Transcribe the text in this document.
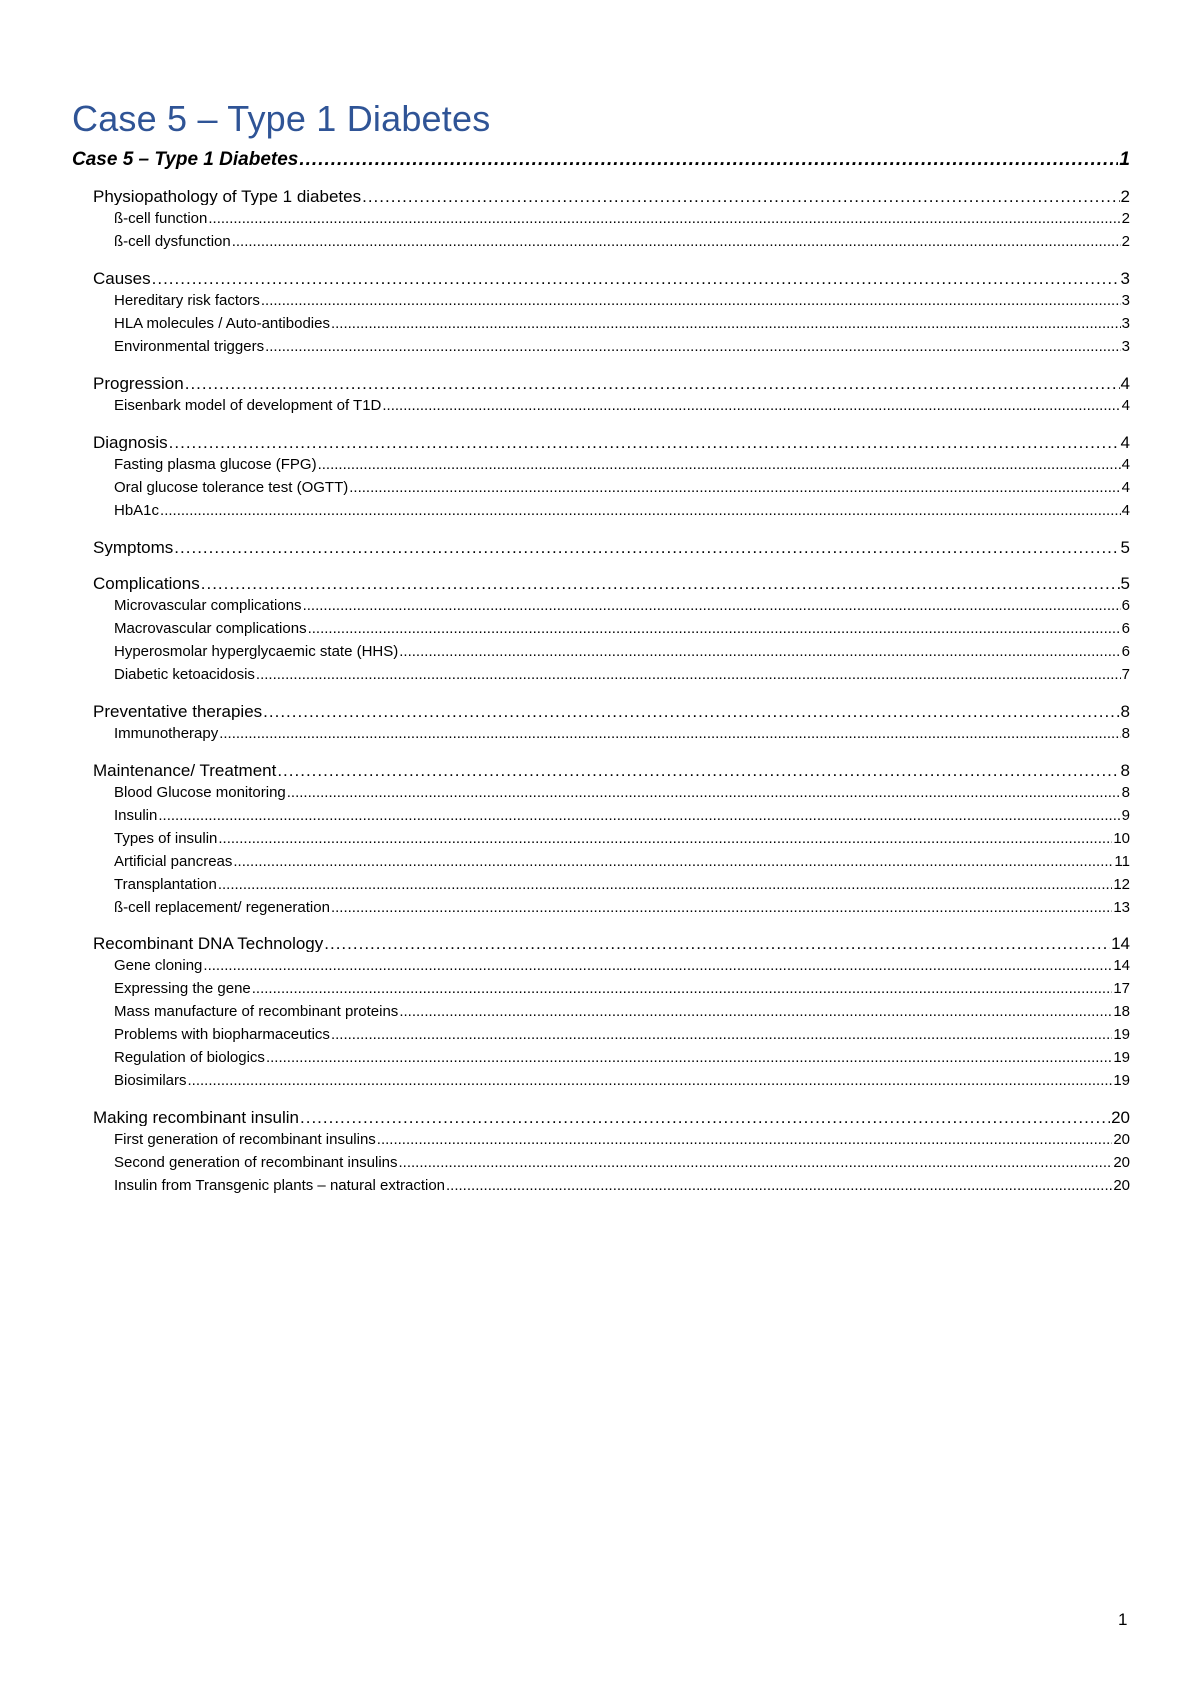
Case 5 – Type 1 Diabetes
Case 5 – Type 1 Diabetes .....	1
Physiopathology of Type 1 diabetes .....	2
ß-cell function .....	2
ß-cell dysfunction .....	2
Causes .....	3
Hereditary risk factors .....	3
HLA molecules / Auto-antibodies .....	3
Environmental triggers .....	3
Progression .....	4
Eisenbark model of development of T1D .....	4
Diagnosis .....	4
Fasting plasma glucose (FPG) .....	4
Oral glucose tolerance test (OGTT) .....	4
HbA1c .....	4
Symptoms .....	5
Complications .....	5
Microvascular complications .....	6
Macrovascular complications .....	6
Hyperosmolar hyperglycaemic state (HHS) .....	6
Diabetic ketoacidosis .....	7
Preventative therapies .....	8
Immunotherapy .....	8
Maintenance/ Treatment .....	8
Blood Glucose monitoring .....	8
Insulin .....	9
Types of insulin .....	10
Artificial pancreas .....	11
Transplantation .....	12
ß-cell replacement/ regeneration .....	13
Recombinant DNA Technology .....	14
Gene cloning .....	14
Expressing the gene .....	17
Mass manufacture of recombinant proteins .....	18
Problems with biopharmaceutics .....	19
Regulation of biologics .....	19
Biosimilars .....	19
Making recombinant insulin .....	20
First generation of recombinant insulins .....	20
Second generation of recombinant insulins .....	20
Insulin from Transgenic plants – natural extraction .....	20
1
